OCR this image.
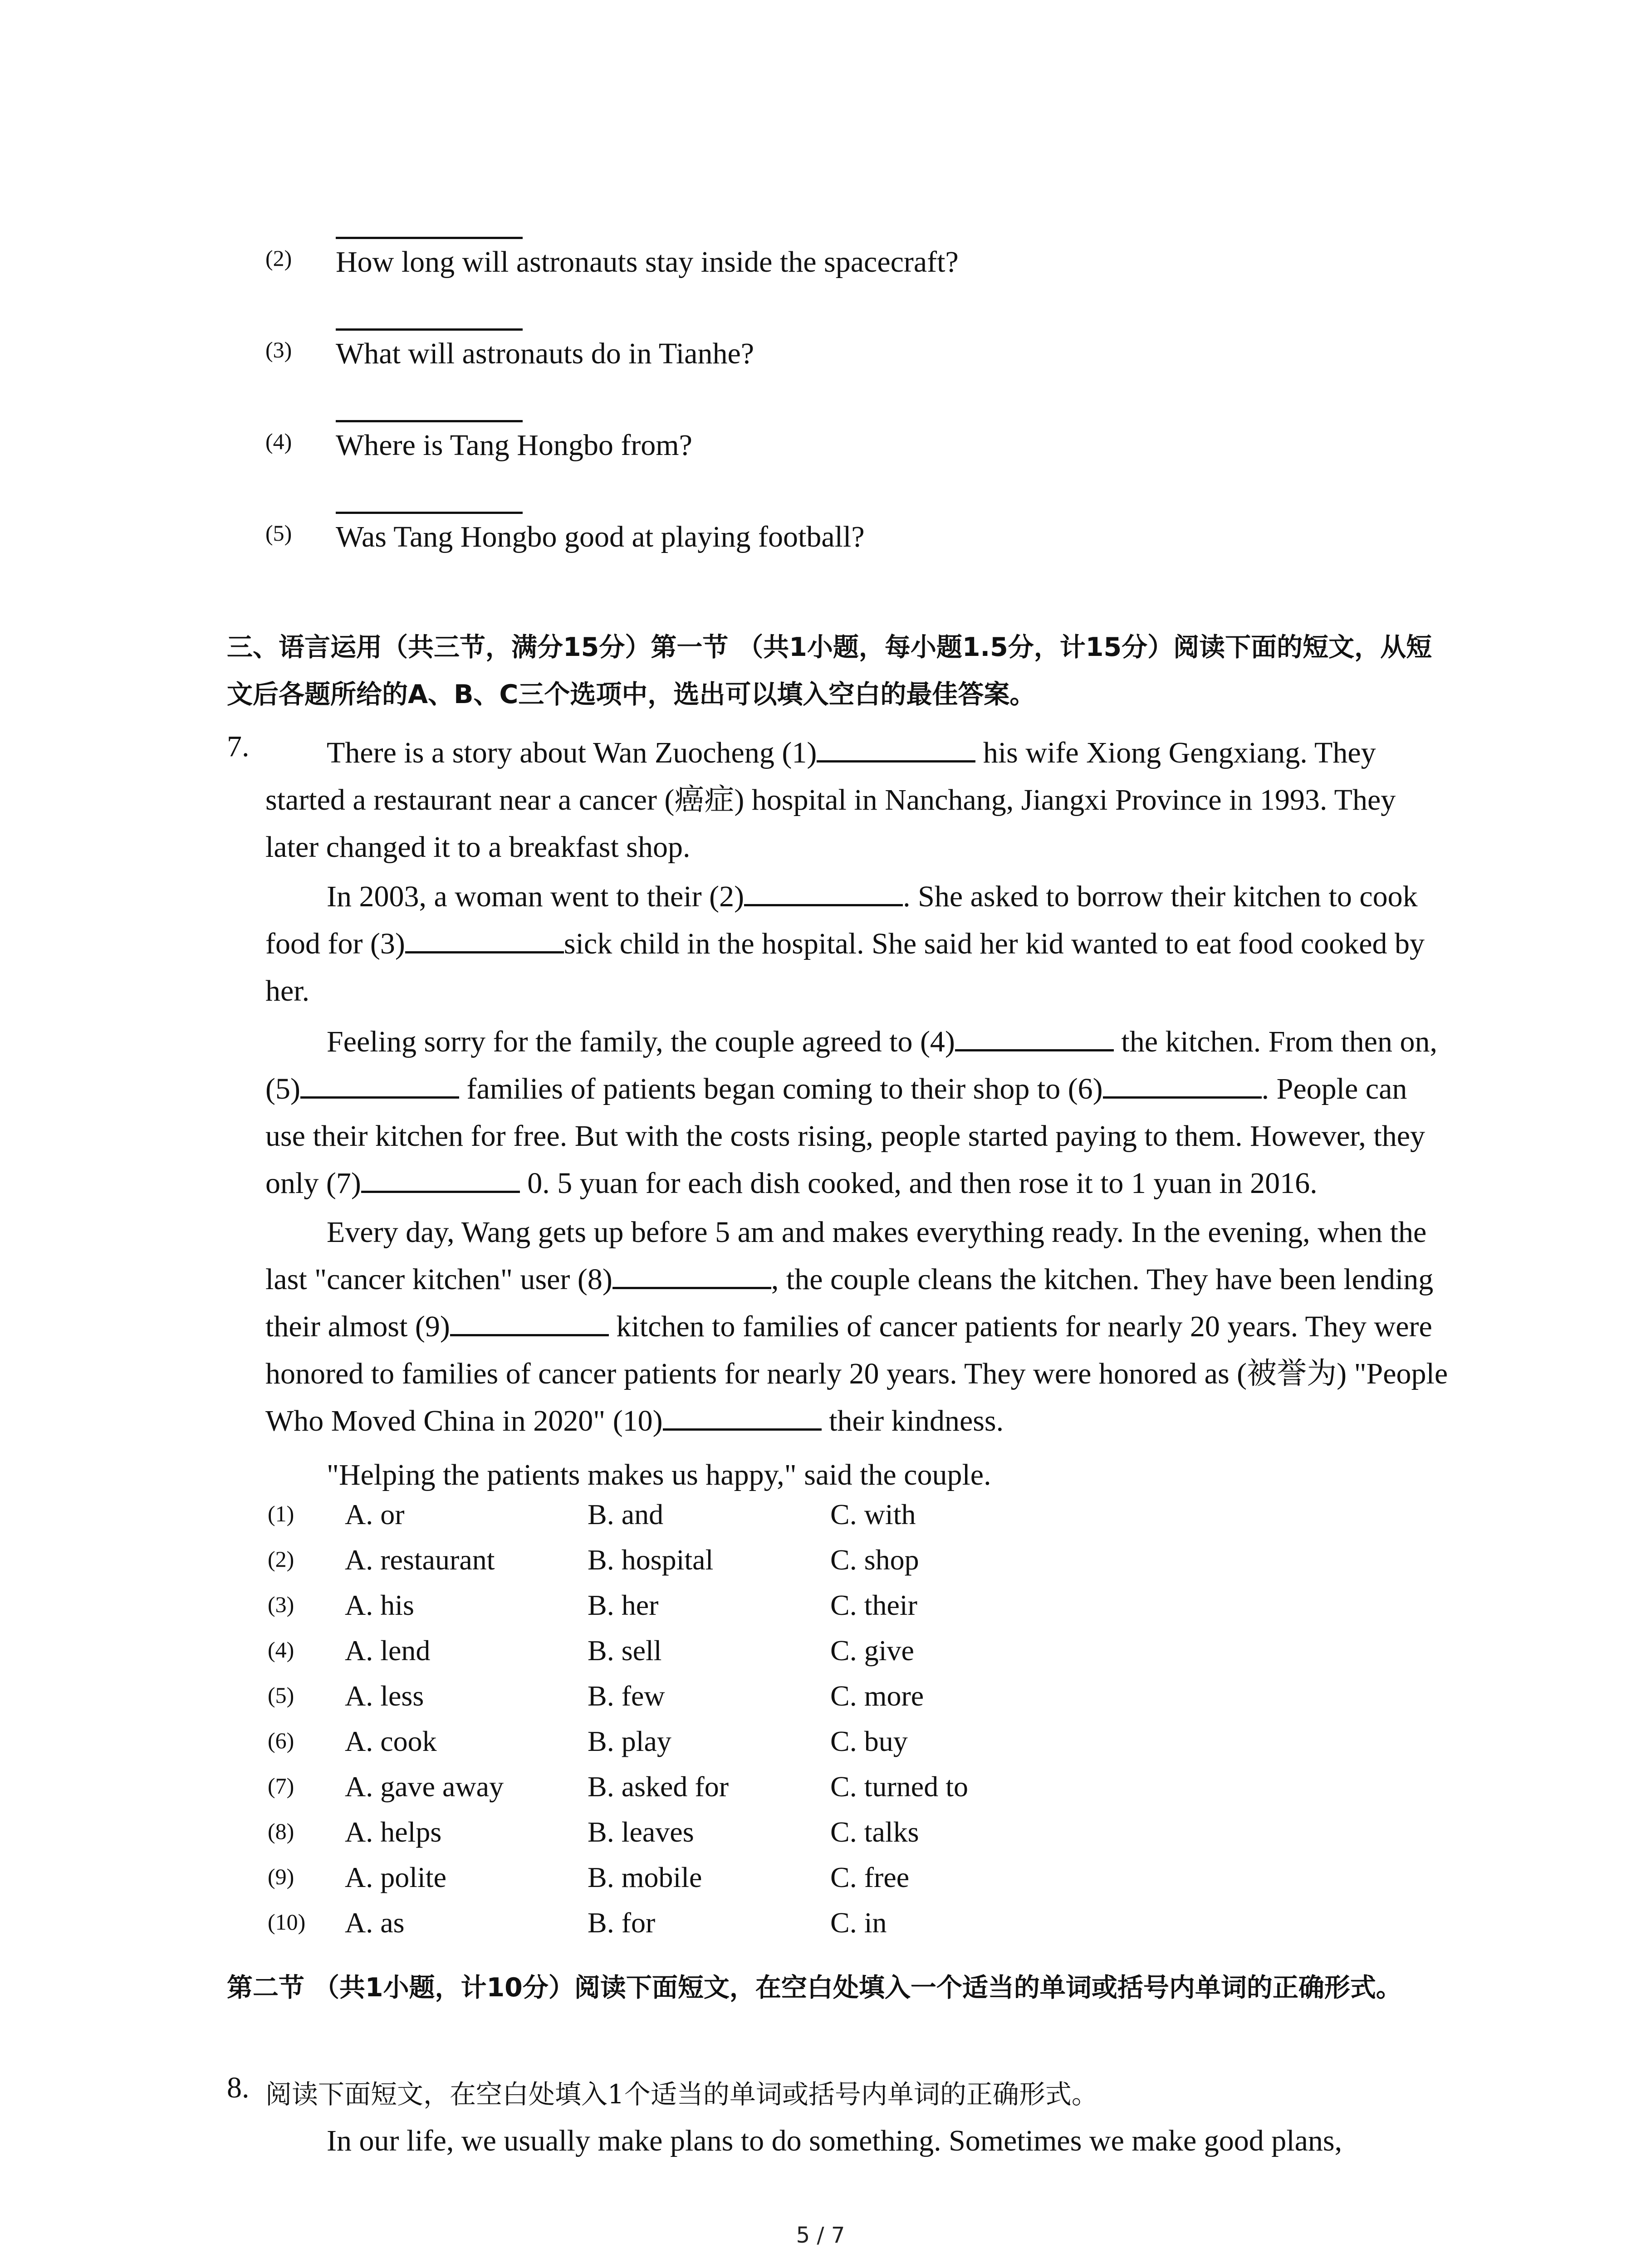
(2) How long will astronauts stay inside the spacecraft?
(3) What will astronauts do in Tianhe?
(4) Where is Tang Hongbo from?
(5) Was Tang Hongbo good at playing football?
三、语言运用（共三节，满分15分）第一节 （共1小题，每小题1.5分，计15分）阅读下面的短文，从短文后各题所给的A、B、C三个选项中，选出可以填入空白的最佳答案。
7.	There is a story about Wan Zuocheng (1)	his wife Xiong Gengxiang. They started a restaurant near a cancer (癌症) hospital in Nanchang, Jiangxi Province in 1993. They later changed it to a breakfast shop.

In 2003, a woman went to their (2)	. She asked to borrow their kitchen to cook food for (3)	sick child in the hospital. She said her kid wanted to eat food cooked by her.

Feeling sorry for the family, the couple agreed to (4)	the kitchen. From then on, (5)	families of patients began coming to their shop to (6)	. People can use their kitchen for free. But with the costs rising, people started paying to them. However, they only (7)	0. 5 yuan for each dish cooked, and then rose it to 1 yuan in 2016.

Every day, Wang gets up before 5 am and makes everything ready. In the evening, when the last "cancer kitchen" user (8)	, the couple cleans the kitchen. They have been lending their almost (9)	kitchen to families of cancer patients for nearly 20 years. They were honored to families of cancer patients for nearly 20 years. They were honored as (被誉为) "People Who Moved China in 2020" (10)	their kindness.

"Helping the patients makes us happy," said the couple.

(1) A. or	B. and	C. with
(2) A. restaurant	B. hospital	C. shop
(3) A. his	B. her	C. their
(4) A. lend	B. sell	C. give
(5) A. less	B. few	C. more
(6) A. cook	B. play	C. buy
(7) A. gave away	B. asked for	C. turned to
(8) A. helps	B. leaves	C. talks
(9) A. polite	B. mobile	C. free
(10) A. as	B. for	C. in
第二节 （共1小题，计10分）阅读下面短文，在空白处填入一个适当的单词或括号内单词的正确形式。
8. 阅读下面短文，在空白处填入1个适当的单词或括号内单词的正确形式。

In our life, we usually make plans to do something. Sometimes we make good plans,

5 / 7
